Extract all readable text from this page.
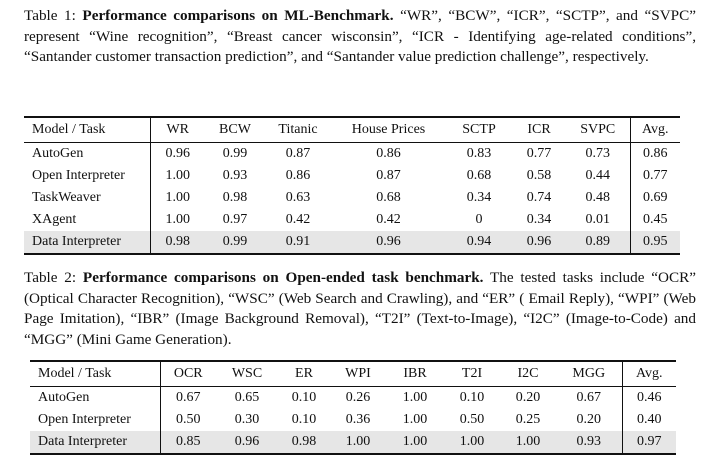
Table 1: Performance comparisons on ML-Benchmark. “WR”, “BCW”, “ICR”, “SCTP”, and “SVPC” represent “Wine recognition”, “Breast cancer wisconsin”, “ICR - Identifying age-related conditions”, “Santander customer transaction prediction”, and “Santander value prediction challenge”, respectively.

Model / Task	WR	BCW	Titanic	House Prices	SCTP	ICR	SVPC	Avg.
AutoGen	0.96	0.99	0.87	0.86	0.83	0.77	0.73	0.86
Open Interpreter	1.00	0.93	0.86	0.87	0.68	0.58	0.44	0.77
TaskWeaver	1.00	0.98	0.63	0.68	0.34	0.74	0.48	0.69
XAgent	1.00	0.97	0.42	0.42	0	0.34	0.01	0.45
Data Interpreter	0.98	0.99	0.91	0.96	0.94	0.96	0.89	0.95

Table 2: Performance comparisons on Open-ended task benchmark. The tested tasks include “OCR” (Optical Character Recognition), “WSC” (Web Search and Crawling), and “ER” ( Email Reply), “WPI” (Web Page Imitation), “IBR” (Image Background Removal), “T2I” (Text-to-Image), “I2C” (Image-to-Code) and “MGG” (Mini Game Generation).

Model / Task	OCR	WSC	ER	WPI	IBR	T2I	I2C	MGG	Avg.
AutoGen	0.67	0.65	0.10	0.26	1.00	0.10	0.20	0.67	0.46
Open Interpreter	0.50	0.30	0.10	0.36	1.00	0.50	0.25	0.20	0.40
Data Interpreter	0.85	0.96	0.98	1.00	1.00	1.00	1.00	0.93	0.97
